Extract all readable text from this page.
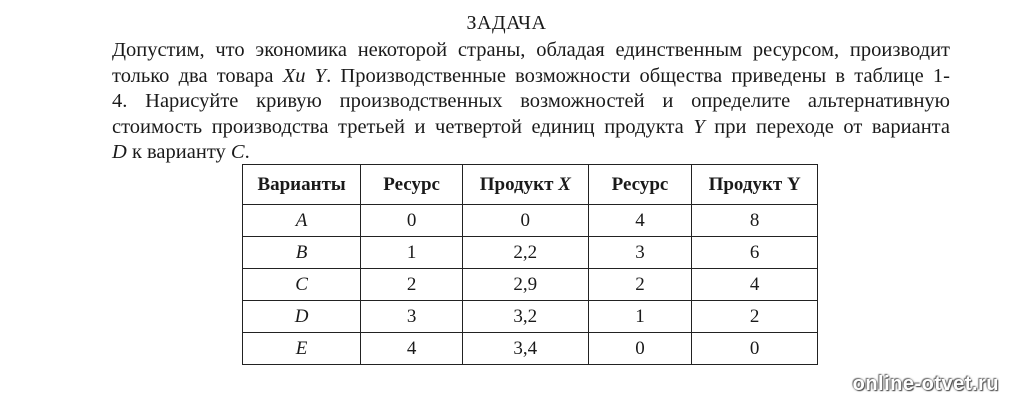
ЗАДАЧА
Допустим, что экономика некоторой страны, обладая единственным ресурсом, производит
только два товара Хи Y. Производственные возможности общества приведены в таблице 1-
4. Нарисуйте кривую производственных возможностей и определите альтернативную
стоимость производства третьей и четвертой единиц продукта Y при переходе от варианта
D к варианту C.
Варианты	Ресурс	Продукт X	Ресурс	Продукт Y
A	0	0	4	8
B	1	2,2	3	6
C	2	2,9	2	4
D	3	3,2	1	2
E	4	3,4	0	0
online-otvet.ru
